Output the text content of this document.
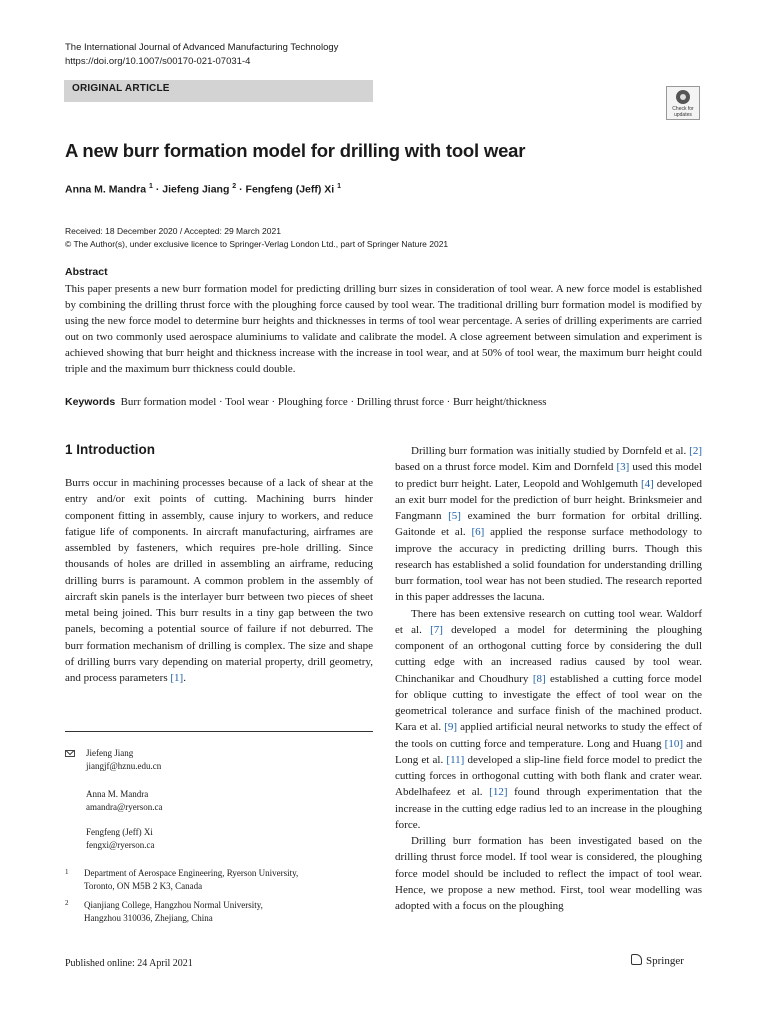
The International Journal of Advanced Manufacturing Technology
https://doi.org/10.1007/s00170-021-07031-4
ORIGINAL ARTICLE
Check for updates
A new burr formation model for drilling with tool wear
Anna M. Mandra $^1$ · Jiefeng Jiang $^2$ · Fengfeng (Jeff) Xi $^1$
Received: 18 December 2020 / Accepted: 29 March 2021
© The Author(s), under exclusive licence to Springer-Verlag London Ltd., part of Springer Nature 2021
Abstract
This paper presents a new burr formation model for predicting drilling burr sizes in consideration of tool wear. A new force model is established by combining the drilling thrust force with the ploughing force caused by tool wear. The traditional drilling burr formation model is modified by using the new force model to determine burr heights and thicknesses in terms of tool wear percentage. A series of drilling experiments are carried out on two commonly used aerospace aluminiums to validate and calibrate the model. A close agreement between simulation and experiment is achieved showing that burr height and thickness increase with the increase in tool wear, and at 50% of tool wear, the maximum burr height could triple and the maximum burr thickness could double.
Keywords Burr formation model · Tool wear · Ploughing force · Drilling thrust force · Burr height/thickness
1 Introduction

Burrs occur in machining processes because of a lack of shear at the entry and/or exit points of cutting. Machining burrs hinder component fitting in assembly, cause injury to workers, and reduce fatigue life of components. In aircraft manufacturing, airframes are assembled by fasteners, which requires pre-hole drilling. Since thousands of holes are drilled in assembling an airframe, reducing drilling burrs is paramount. A common problem in the assembly of aircraft skin panels is the interlayer burr between two pieces of sheet metal being joined. This burr results in a tiny gap between the two panels, becoming a potential source of failure if not deburred. The burr formation mechanism of drilling is complex. The size and shape of drilling burrs vary depending on material property, drill geometry, and process parameters [1].

Drilling burr formation was initially studied by Dornfeld et al. [2] based on a thrust force model. Kim and Dornfeld [3] used this model to predict burr height. Later, Leopold and Wohlgemuth [4] developed an exit burr model for the prediction of burr height. Brinksmeier and Fangmann [5] examined the burr formation for orbital drilling. Gaitonde et al. [6] applied the response surface methodology to improve the accuracy in predicting drilling burrs. Though this research has established a solid foundation for understanding drilling burr formation, tool wear has not been studied. The research reported in this paper addresses the lacuna.

There has been extensive research on cutting tool wear. Waldorf et al. [7] developed a model for determining the ploughing component of an orthogonal cutting force by considering the dull cutting edge with an increased radius caused by tool wear. Chinchanikar and Choudhury [8] established a cutting force model for oblique cutting to investigate the effect of tool wear on the geometrical tolerance and surface finish of the machined product. Kara et al. [9] applied artificial neural networks to study the effect of the tools on cutting force and temperature. Long and Huang [10] and Long et al. [11] developed a slip-line field force model to predict the cutting forces in orthogonal cutting with both flank and crater wear. Abdelhafeez et al. [12] found through experimentation that the increase in the cutting edge radius led to an increase in the ploughing force.

Drilling burr formation has been investigated based on the drilling thrust force model. If tool wear is considered, the ploughing force model should be included to reflect the impact of tool wear. Hence, we propose a new method. First, tool wear modelling was adopted with a focus on the ploughing

Jiefeng Jiang
jiangjf@hznu.edu.cn
Anna M. Mandra
amandra@ryerson.ca
Fengfeng (Jeff) Xi
fengxi@ryerson.ca
1 Department of Aerospace Engineering, Ryerson University,
Toronto, ON M5B 2 K3, Canada
2 Qianjiang College, Hangzhou Normal University,
Hangzhou 310036, Zhejiang, China
Published online: 24 April 2021	Springer
